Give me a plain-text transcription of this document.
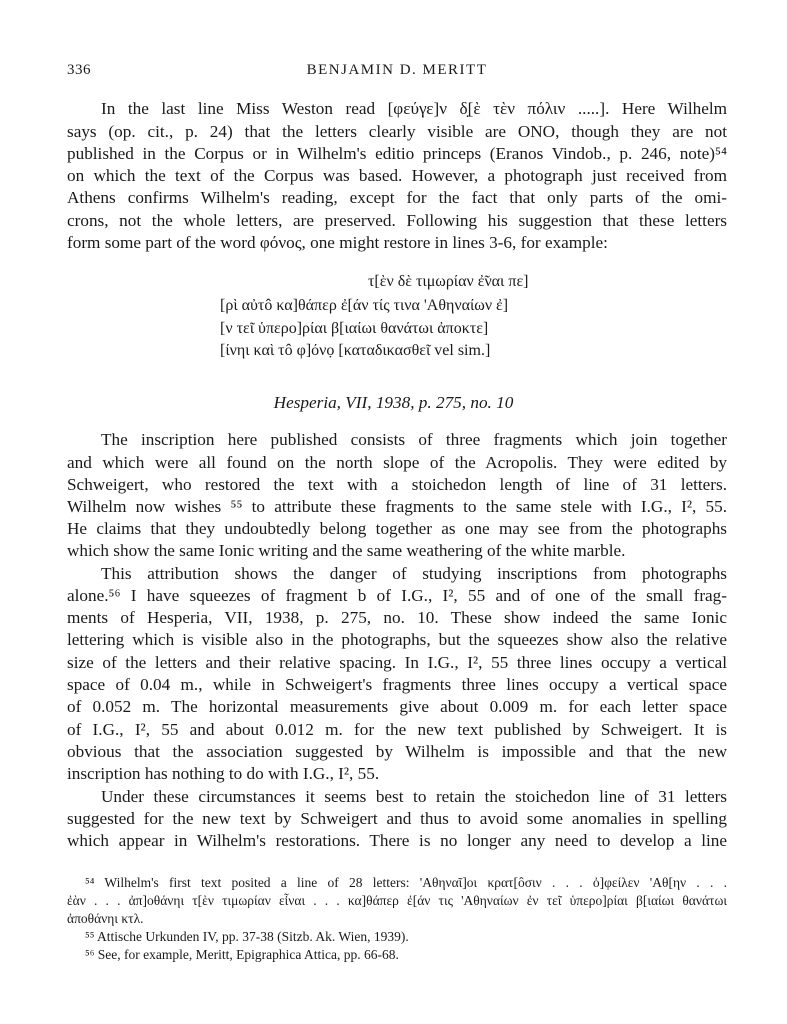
336	BENJAMIN D. MERITT
In the last line Miss Weston read [φεύγε]ν δ̣[ὲ τὲν πόλιν .....]. Here Wilhelm
says (op. cit., p. 24) that the letters clearly visible are ONO, though they are not
published in the Corpus or in Wilhelm's editio princeps (Eranos Vindob., p. 246, note)⁵⁴
on which the text of the Corpus was based. However, a photograph just received from
Athens confirms Wilhelm's reading, except for the fact that only parts of the omi-
crons, not the whole letters, are preserved. Following his suggestion that these letters
form some part of the word φόνος, one might restore in lines 3-6, for example:
τ[ὲν δὲ τιμωρίαν ἐ̃ναι πε]
[ρὶ αὐτô κα]θάπερ ἐ[άν τίς τινα 'Αθηναίων ἐ]
[ν τε̃ι ὑπερο]ρίαι β[ιαίωι θανάτωι ἀποκτε]
[ίνηι καὶ τô φ]όνọ [καταδικασθε̃ι vel sim.]
Hesperia, VII, 1938, p. 275, no. 10
The inscription here published consists of three fragments which join together
and which were all found on the north slope of the Acropolis. They were edited by
Schweigert, who restored the text with a stoichedon length of line of 31 letters.
Wilhelm now wishes ⁵⁵ to attribute these fragments to the same stele with I.G., I², 55.
He claims that they undoubtedly belong together as one may see from the photographs
which show the same Ionic writing and the same weathering of the white marble.
This attribution shows the danger of studying inscriptions from photographs
alone.⁵⁶ I have squeezes of fragment b of I.G., I², 55 and of one of the small frag-
ments of Hesperia, VII, 1938, p. 275, no. 10. These show indeed the same Ionic
lettering which is visible also in the photographs, but the squeezes show also the relative
size of the letters and their relative spacing. In I.G., I², 55 three lines occupy a vertical
space of 0.04 m., while in Schweigert's fragments three lines occupy a vertical space
of 0.052 m. The horizontal measurements give about 0.009 m. for each letter space
of I.G., I², 55 and about 0.012 m. for the new text published by Schweigert. It is
obvious that the association suggested by Wilhelm is impossible and that the new
inscription has nothing to do with I.G., I², 55.
Under these circumstances it seems best to retain the stoichedon line of 31 letters
suggested for the new text by Schweigert and thus to avoid some anomalies in spelling
which appear in Wilhelm's restorations. There is no longer any need to develop a line
⁵⁴ Wilhelm's first text posited a line of 28 letters: 'Αθηναῖ]οι κρατ[ôσιν . . . ὀ]φείλεν 'Αθ[ην . . .
ἐὰν . . . ἀπ]οθάνηι τ[ὲν τιμωρίαν εἶναι . . . κα]θάπερ ἐ[άν τις 'Αθηναίων ἐν τε̃ι ὑπερο]ρίαι β[ιαίωι θανάτωι
ἀποθάνηι κτλ.
⁵⁵ Attische Urkunden IV, pp. 37-38 (Sitzb. Ak. Wien, 1939).
⁵⁶ See, for example, Meritt, Epigraphica Attica, pp. 66-68.
